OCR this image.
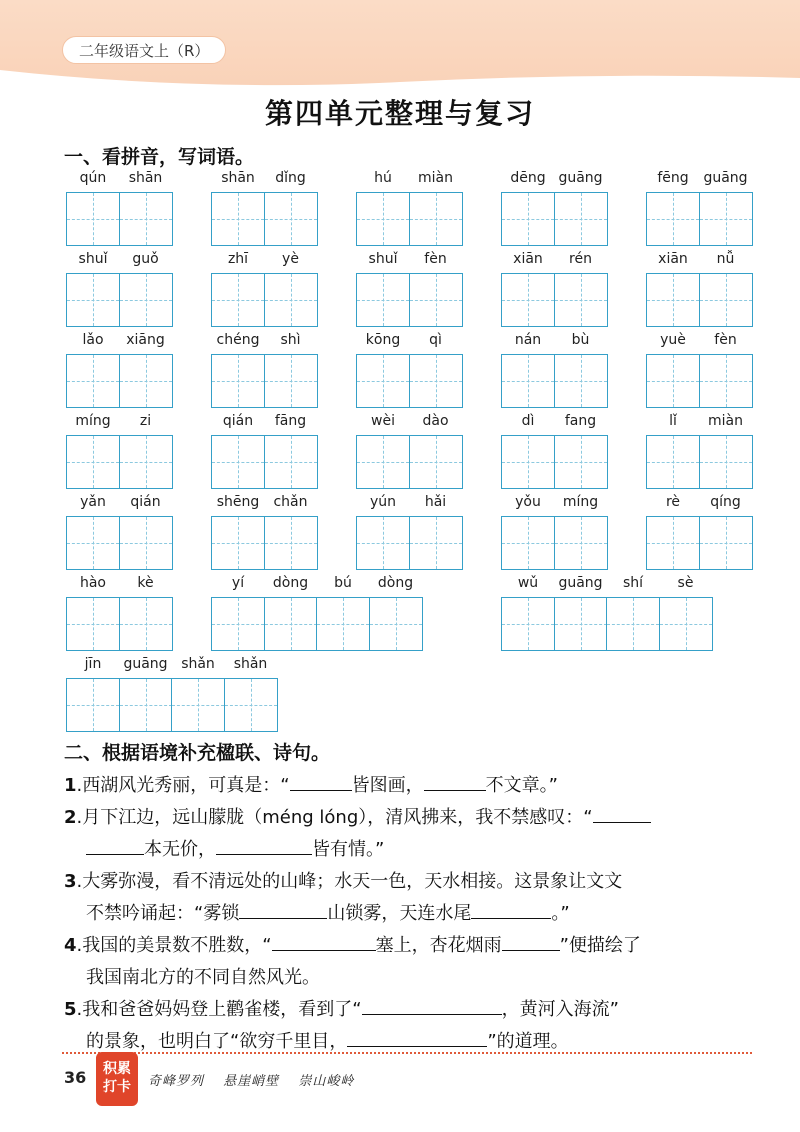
二年级语文上（R）
第四单元整理与复习
一、看拼音，写词语。
qún	shān	shān	dǐng	hú	miàn	dēng guāng	fēng	guāng
shuǐ	guǒ	zhī	yè	shuǐ	fèn	xiān	rén	xiān	nǚ
lǎo	xiāng	chéng	shì	kōng	qì	nán	bù	yuè	fèn
míng	zi	qián	fāng	wèi	dào	dì	fang	lǐ	miàn
yǎn	qián	shēng	chǎn	yún	hǎi	yǒu	míng	rè	qíng
hào	kè	yí	dòng	bú	dòng	wǔ	guāng	shí	sè
jīn	guāng shǎn	shǎn
二、根据语境补充楹联、诗句。
1.西湖风光秀丽，可真是：“	皆图画，	不文章。”
2.月下江边，远山朦胧（méng lóng），清风拂来，我不禁感叹：“
本无价，	皆有情。”
3.大雾弥漫，看不清远处的山峰；水天一色，天水相接。这景象让文文
不禁吟诵起：“雾锁	山锁雾，天连水尾	。”
4.我国的美景数不胜数，“	塞上，杏花烟雨	”便描绘了
我国南北方的不同自然风光。
5.我和爸爸妈妈登上鹳雀楼，看到了“	，黄河入海流”
的景象，也明白了“欲穷千里目，	”的道理。
36	积累
打卡	奇峰罗列 悬崖峭壁 崇山峻岭
